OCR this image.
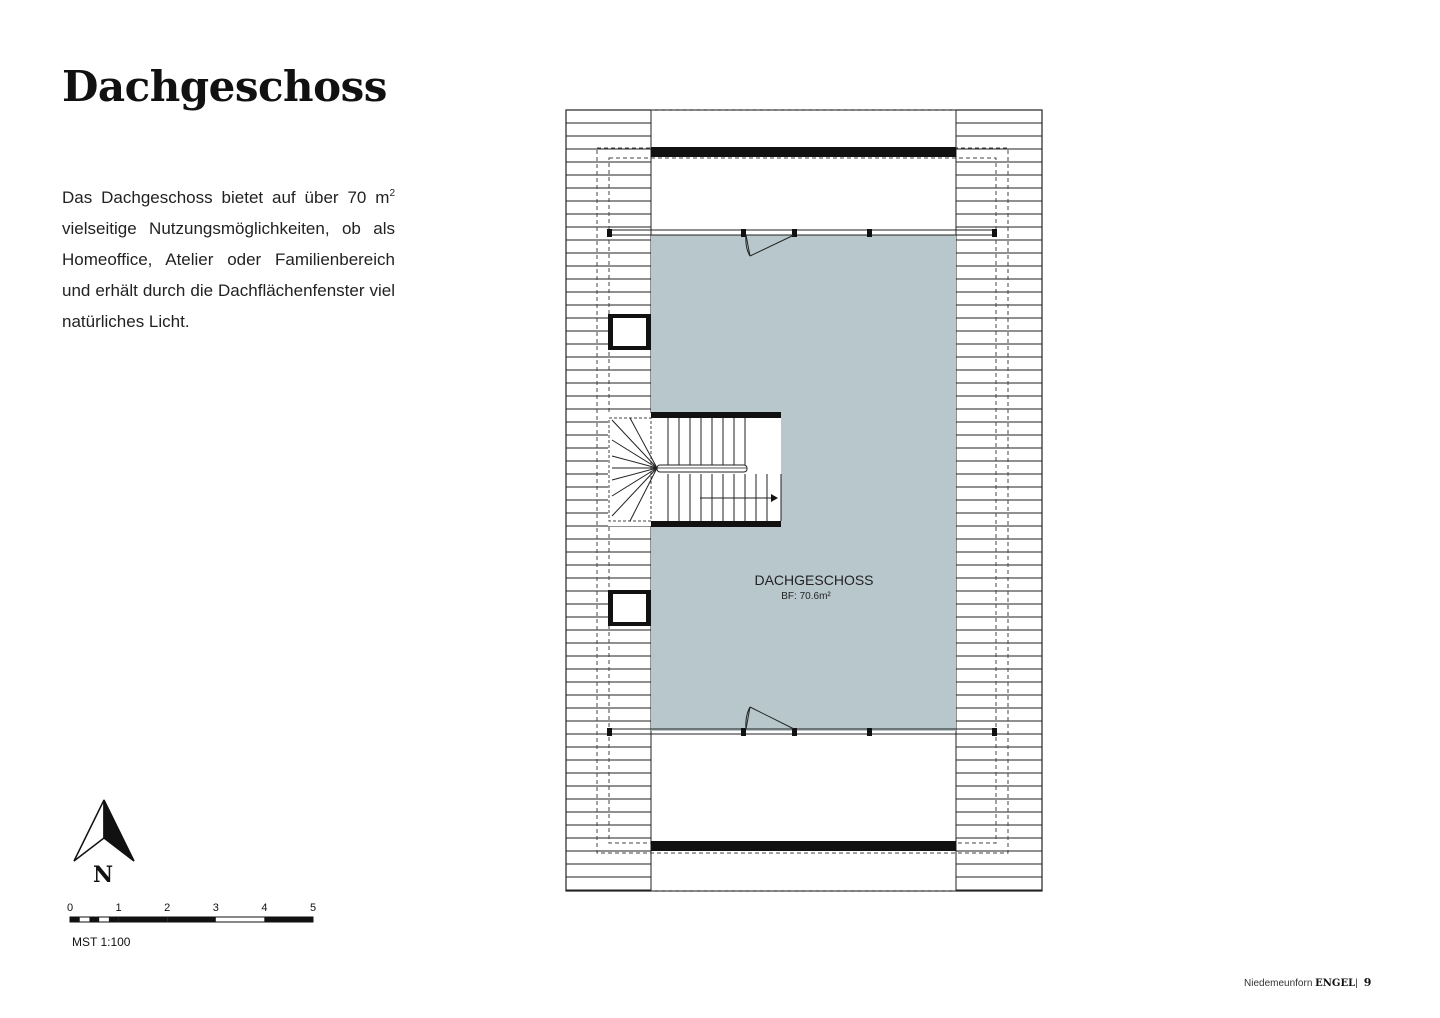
Dachgeschoss

Das Dachgeschoss bietet auf über 70 $m^2$ vielseitige Nutzungsmöglichkeiten, ob als Homeoffice, Atelier oder Familienbereich und erhält durch die Dachflächenfenster viel natürliches Licht.

DACHGESCHOSS
BF: 70.6m²
N
0	1	2	3	4	5
MST 1:100
Niedemeunforn ENGEL| 9
